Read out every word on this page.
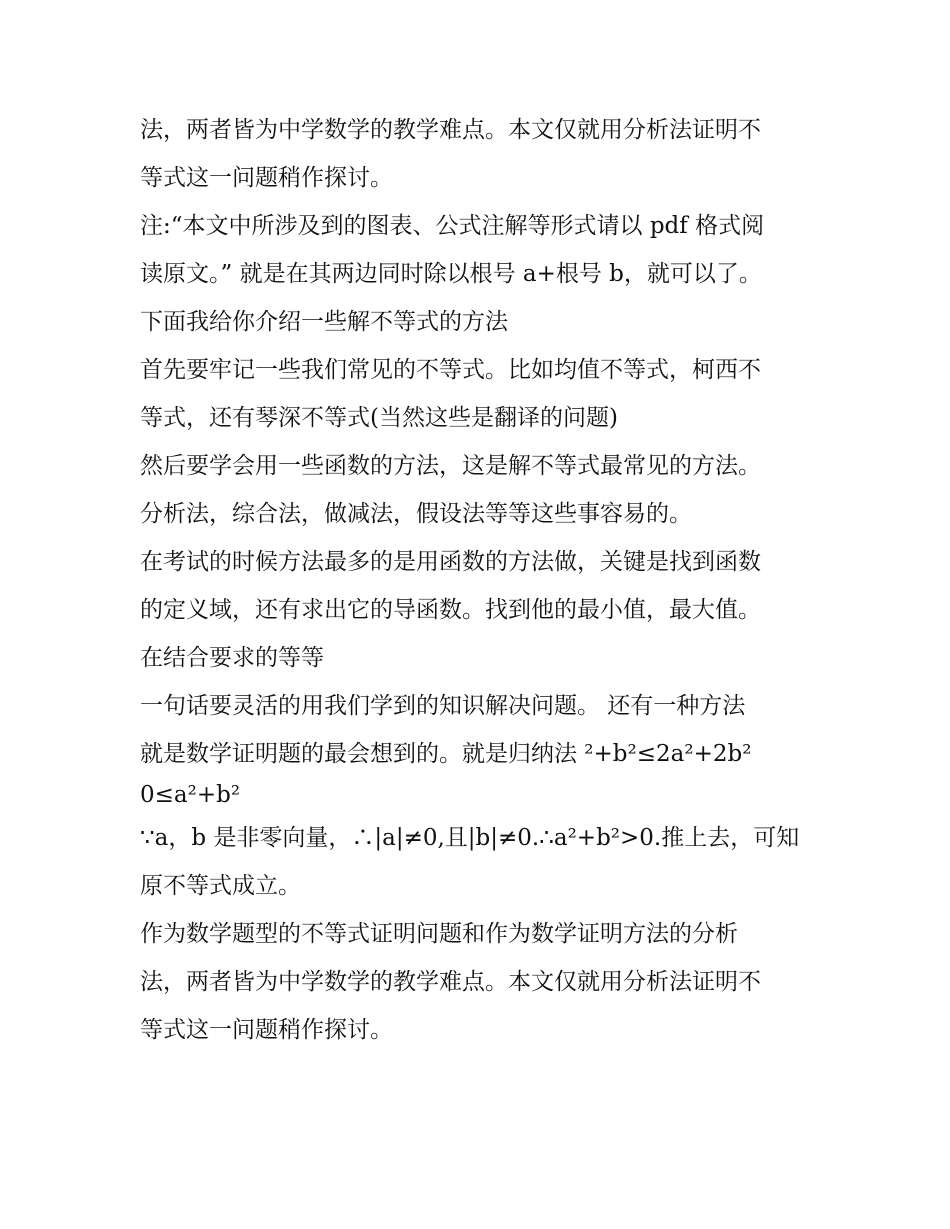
法，两者皆为中学数学的教学难点。本文仅就用分析法证明不
等式这一问题稍作探讨。
注:“本文中所涉及到的图表、公式注解等形式请以 pdf 格式阅
读原文。” 就是在其两边同时除以根号 a+根号 b，就可以了。
下面我给你介绍一些解不等式的方法
首先要牢记一些我们常见的不等式。比如均值不等式，柯西不
等式，还有琴深不等式(当然这些是翻译的问题)
然后要学会用一些函数的方法，这是解不等式最常见的方法。
分析法，综合法，做减法，假设法等等这些事容易的。
在考试的时候方法最多的是用函数的方法做，关键是找到函数
的定义域，还有求出它的导函数。找到他的最小值，最大值。
在结合要求的等等
一句话要灵活的用我们学到的知识解决问题。 还有一种方法
就是数学证明题的最会想到的。就是归纳法 ²+b²≤2a²+2b²
0≤a²+b²
∵a，b 是非零向量，∴|a|≠0,且|b|≠0.∴a²+b²>0.推上去，可知
原不等式成立。
作为数学题型的不等式证明问题和作为数学证明方法的分析
法，两者皆为中学数学的教学难点。本文仅就用分析法证明不
等式这一问题稍作探讨。
